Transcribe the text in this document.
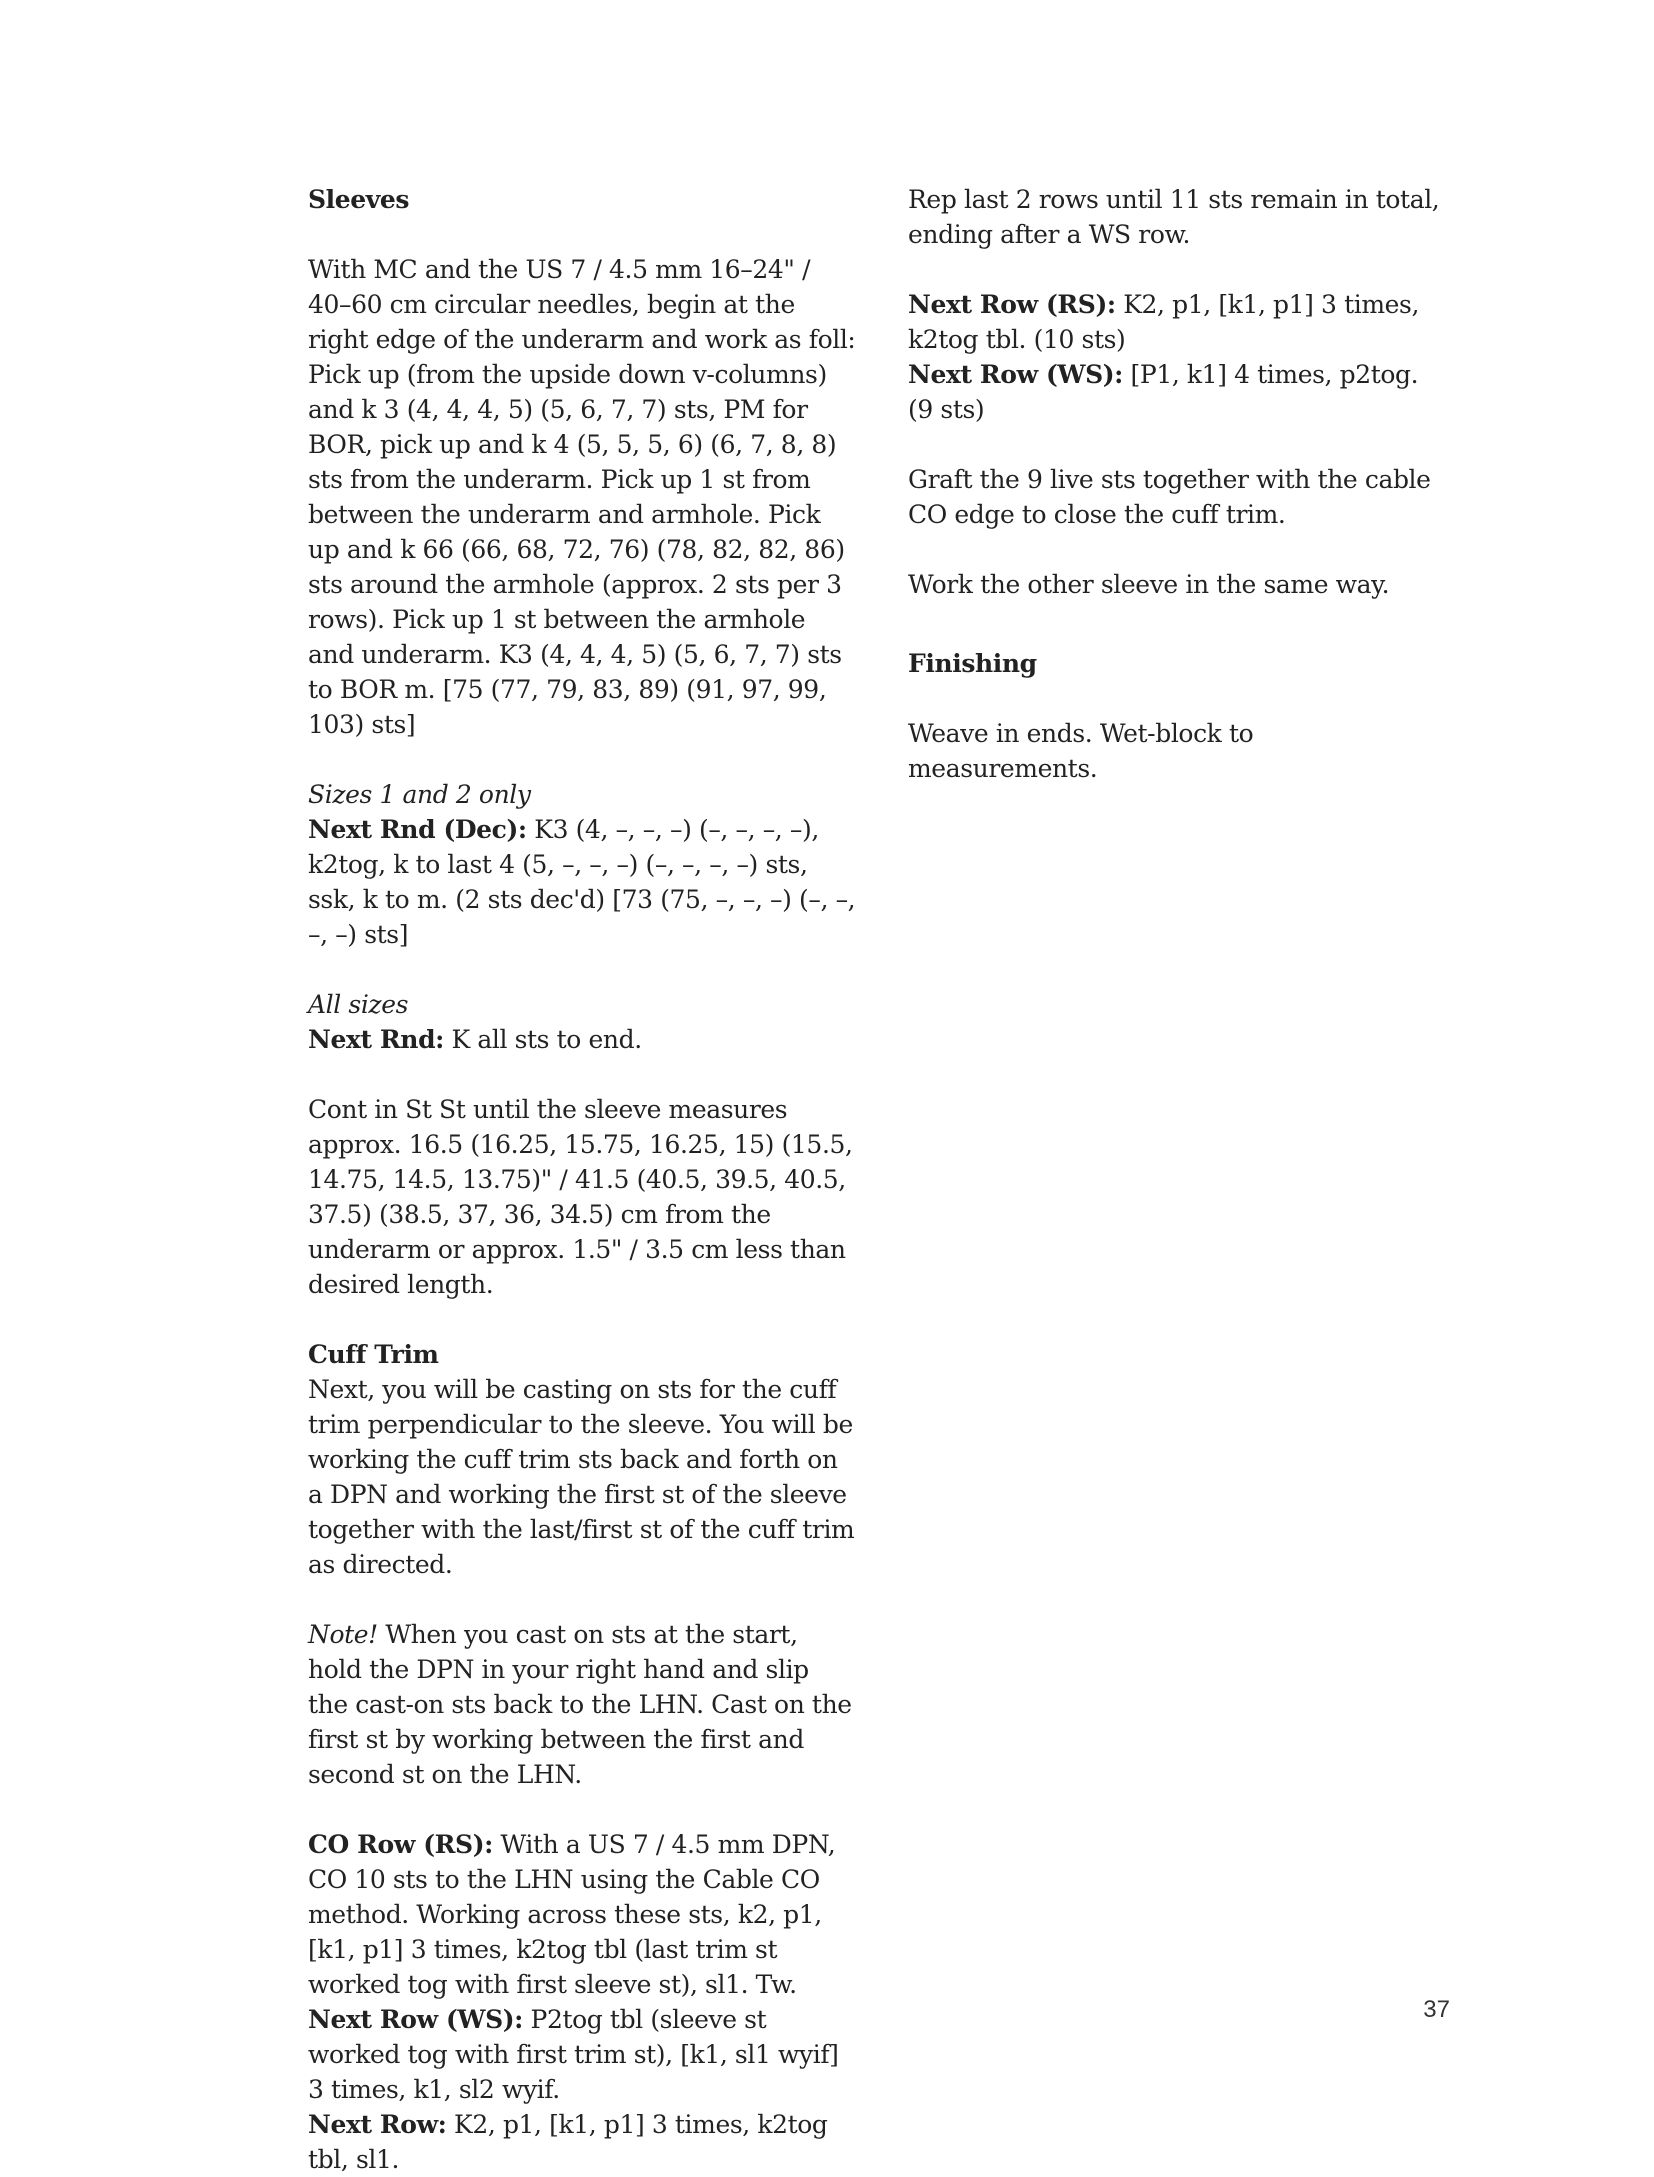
Sleeves

With MC and the US 7 / 4.5 mm 16–24" / 40–60 cm circular needles, begin at the right edge of the underarm and work as foll:

Pick up (from the upside down v-columns) and k 3 (4, 4, 4, 5) (5, 6, 7, 7) sts, PM for BOR, pick up and k 4 (5, 5, 5, 6) (6, 7, 8, 8) sts from the underarm. Pick up 1 st from between the underarm and armhole. Pick up and k 66 (66, 68, 72, 76) (78, 82, 82, 86) sts around the armhole (approx. 2 sts per 3 rows). Pick up 1 st between the armhole and underarm. K3 (4, 4, 4, 5) (5, 6, 7, 7) sts to BOR m. [75 (77, 79, 83, 89) (91, 97, 99, 103) sts]

Sizes 1 and 2 only

Next Rnd (Dec): K3 (4, –, –, –) (–, –, –, –), k2tog, k to last 4 (5, –, –, –) (–, –, –, –) sts, ssk, k to m. (2 sts dec'd) [73 (75, –, –, –) (–, –, –, –) sts]

All sizes

Next Rnd: K all sts to end.

Cont in St St until the sleeve measures approx. 16.5 (16.25, 15.75, 16.25, 15) (15.5, 14.75, 14.5, 13.75)" / 41.5 (40.5, 39.5, 40.5, 37.5) (38.5, 37, 36, 34.5) cm from the underarm or approx. 1.5" / 3.5 cm less than desired length.

Cuff Trim

Next, you will be casting on sts for the cuff trim perpendicular to the sleeve. You will be working the cuff trim sts back and forth on a DPN and working the first st of the sleeve together with the last/first st of the cuff trim as directed.

Note! When you cast on sts at the start, hold the DPN in your right hand and slip the cast-on sts back to the LHN. Cast on the first st by working between the first and second st on the LHN.

CO Row (RS): With a US 7 / 4.5 mm DPN, CO 10 sts to the LHN using the Cable CO method. Working across these sts, k2, p1, [k1, p1] 3 times, k2tog tbl (last trim st worked tog with first sleeve st), sl1. Tw.

Next Row (WS): P2tog tbl (sleeve st worked tog with first trim st), [k1, sl1 wyif] 3 times, k1, sl2 wyif.

Next Row: K2, p1, [k1, p1] 3 times, k2tog tbl, sl1.

Rep last 2 rows until 11 sts remain in total, ending after a WS row.

Next Row (RS): K2, p1, [k1, p1] 3 times, k2tog tbl. (10 sts)

Next Row (WS): [P1, k1] 4 times, p2tog. (9 sts)

Graft the 9 live sts together with the cable CO edge to close the cuff trim.

Work the other sleeve in the same way.

Finishing

Weave in ends. Wet-block to measurements.

37
